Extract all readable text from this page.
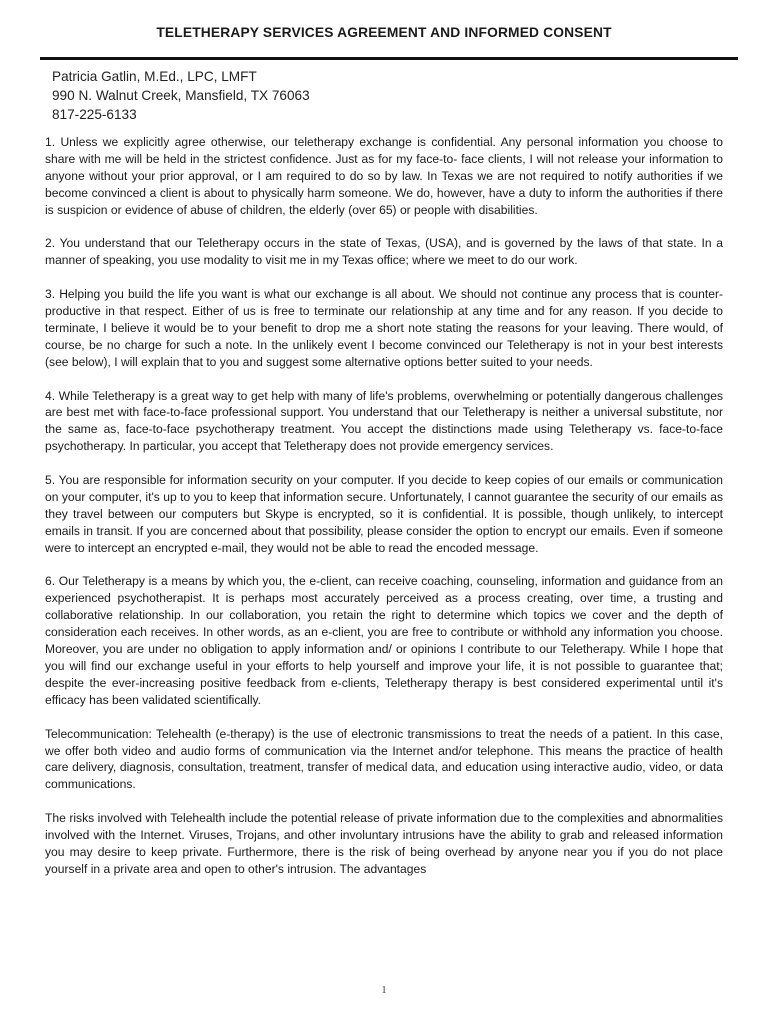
TELETHERAPY SERVICES AGREEMENT AND INFORMED CONSENT
Patricia Gatlin, M.Ed., LPC, LMFT
990 N. Walnut Creek, Mansfield, TX 76063
817-225-6133

1. Unless we explicitly agree otherwise, our teletherapy exchange is confidential. Any personal information you choose to share with me will be held in the strictest confidence. Just as for my face-to- face clients, I will not release your information to anyone without your prior approval, or I am required to do so by law. In Texas we are not required to notify authorities if we become convinced a client is about to physically harm someone. We do, however, have a duty to inform the authorities if there is suspicion or evidence of abuse of children, the elderly (over 65) or people with disabilities.

2. You understand that our Teletherapy occurs in the state of Texas, (USA), and is governed by the laws of that state. In a manner of speaking, you use modality to visit me in my Texas office; where we meet to do our work.

3. Helping you build the life you want is what our exchange is all about. We should not continue any process that is counter-productive in that respect. Either of us is free to terminate our relationship at any time and for any reason. If you decide to terminate, I believe it would be to your benefit to drop me a short note stating the reasons for your leaving. There would, of course, be no charge for such a note. In the unlikely event I become convinced our Teletherapy is not in your best interests (see below), I will explain that to you and suggest some alternative options better suited to your needs.

4. While Teletherapy is a great way to get help with many of life's problems, overwhelming or potentially dangerous challenges are best met with face-to-face professional support. You understand that our Teletherapy is neither a universal substitute, nor the same as, face-to-face psychotherapy treatment. You accept the distinctions made using Teletherapy vs. face-to-face psychotherapy. In particular, you accept that Teletherapy does not provide emergency services.

5. You are responsible for information security on your computer. If you decide to keep copies of our emails or communication on your computer, it's up to you to keep that information secure. Unfortunately, I cannot guarantee the security of our emails as they travel between our computers but Skype is encrypted, so it is confidential. It is possible, though unlikely, to intercept emails in transit. If you are concerned about that possibility, please consider the option to encrypt our emails. Even if someone were to intercept an encrypted e-mail, they would not be able to read the encoded message.

6. Our Teletherapy is a means by which you, the e-client, can receive coaching, counseling, information and guidance from an experienced psychotherapist. It is perhaps most accurately perceived as a process creating, over time, a trusting and collaborative relationship. In our collaboration, you retain the right to determine which topics we cover and the depth of consideration each receives. In other words, as an e-client, you are free to contribute or withhold any information you choose. Moreover, you are under no obligation to apply information and/ or opinions I contribute to our Teletherapy. While I hope that you will find our exchange useful in your efforts to help yourself and improve your life, it is not possible to guarantee that; despite the ever-increasing positive feedback from e-clients, Teletherapy therapy is best considered experimental until it's efficacy has been validated scientifically.

Telecommunication: Telehealth (e-therapy) is the use of electronic transmissions to treat the needs of a patient. In this case, we offer both video and audio forms of communication via the Internet and/or telephone. This means the practice of health care delivery, diagnosis, consultation, treatment, transfer of medical data, and education using interactive audio, video, or data communications.

The risks involved with Telehealth include the potential release of private information due to the complexities and abnormalities involved with the Internet. Viruses, Trojans, and other involuntary intrusions have the ability to grab and released information you may desire to keep private. Furthermore, there is the risk of being overhead by anyone near you if you do not place yourself in a private area and open to other's intrusion. The advantages

1
